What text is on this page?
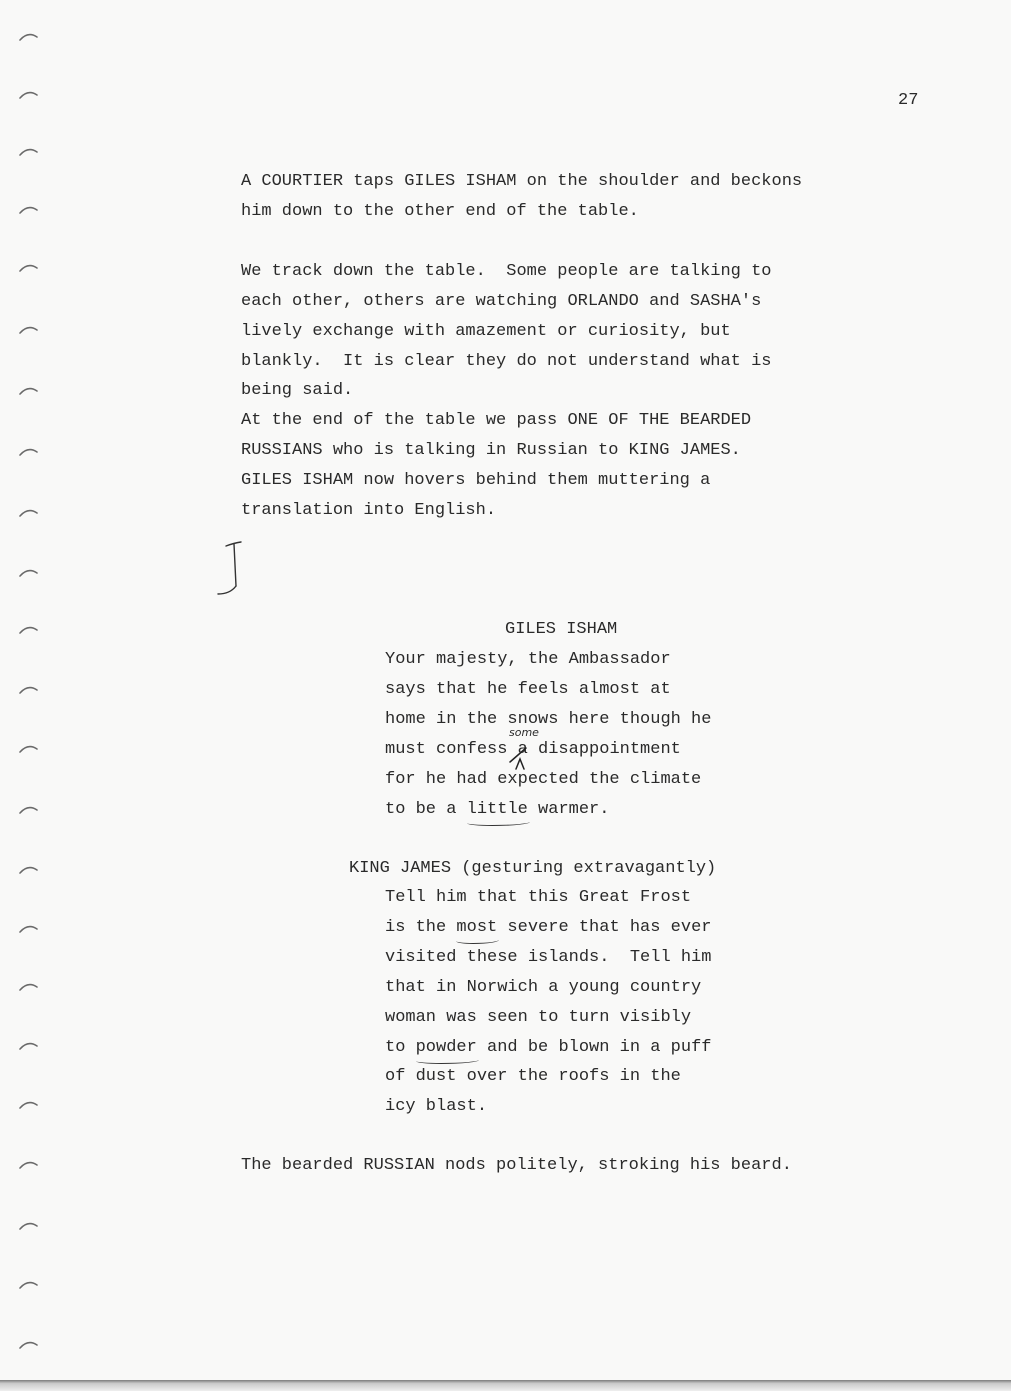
27
A COURTIER taps GILES ISHAM on the shoulder and beckons
him down to the other end of the table.
We track down the table.  Some people are talking to
each other, others are watching ORLANDO and SASHA's
lively exchange with amazement or curiosity, but
blankly.  It is clear they do not understand what is
being said.
At the end of the table we pass ONE OF THE BEARDED
RUSSIANS who is talking in Russian to KING JAMES.
GILES ISHAM now hovers behind them muttering a
translation into English.
GILES ISHAM
Your majesty, the Ambassador
says that he feels almost at
home in the snows here though he
some
must confess a disappointment
for he had expected the climate
to be a little warmer.
KING JAMES (gesturing extravagantly)
Tell him that this Great Frost
is the most severe that has ever
visited these islands.  Tell him
that in Norwich a young country
woman was seen to turn visibly
to powder and be blown in a puff
of dust over the roofs in the
icy blast.
The bearded RUSSIAN nods politely, stroking his beard.
